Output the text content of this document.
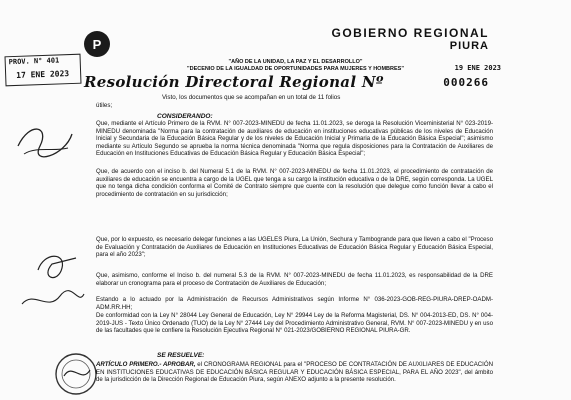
P
GOBIERNO REGIONAL
PIURA
PROV. N° 401
17 ENE 2023
"AÑO DE LA UNIDAD, LA PAZ Y EL DESARROLLO"
"DECENIO DE LA IGUALDAD DE OPORTUNIDADES PARA MUJERES Y HOMBRES"	19 ENE 2023
Resolución Directoral Regional Nº	000266
Visto, los documentos que se acompañan en un total de 11 folios
útiles;
CONSIDERANDO:
Que, mediante el Artículo Primero de la RVM. N° 007-2023-MINEDU de fecha 11.01.2023, se deroga la Resolución Viceministerial N° 023-2019-MINEDU denominada "Norma para la contratación de auxiliares de educación en instituciones educativas públicas de los niveles de Educación Inicial y Secundaria de la Educación Básica Regular y de los niveles de Educación Inicial y Primaria de la Educación Básica Especial"; asimismo mediante su Artículo Segundo se aprueba la norma técnica denominada "Norma que regula disposiciones para la Contratación de Auxiliares de Educación en Instituciones Educativas de Educación Básica Regular y Educación Básica Especial";
Que, de acuerdo con el inciso b. del Numeral 5.1 de la RVM. N° 007-2023-MINEDU de fecha 11.01.2023, el procedimiento de contratación de auxiliares de educación se encuentra a cargo de la UGEL que tenga a su cargo la institución educativa o de la DRE, según corresponda. La UGEL que no tenga dicha condición conforma el Comité de Contrato siempre que cuente con la resolución que delegue como función llevar a cabo el procedimiento de contratación en su jurisdicción;
Que, por lo expuesto, es necesario delegar funciones a las UGELES Piura, La Unión, Sechura y Tambogrande para que lleven a cabo el "Proceso de Evaluación y Contratación de Auxiliares de Educación en Instituciones Educativas de Educación Básica Regular y Educación Básica Especial, para el año 2023";
Que, asimismo, conforme el Inciso b. del numeral 5.3 de la RVM. N° 007-2023-MINEDU de fecha 11.01.2023, es responsabilidad de la DRE elaborar un cronograma para el proceso de Contratación de Auxiliares de Educación;
Estando a lo actuado por la Administración de Recursos Administrativos según Informe N° 036-2023-GOB-REG-PIURA-DREP-OADM-ADM.RR.HH;
De conformidad con la Ley N° 28044 Ley General de Educación, Ley N° 29944 Ley de la Reforma Magisterial, DS. N° 004-2013-ED, DS. N° 004-2019-JUS - Texto Único Ordenado (TUO) de la Ley N° 27444 Ley del Procedimiento Administrativo General, RVM. N° 007-2023-MINEDU y en uso de las facultades que le confiere la Resolución Ejecutiva Regional N° 021-2023/GOBIERNO REGIONAL PIURA-GR.
SE RESUELVE:
ARTÍCULO PRIMERO.- APROBAR, el CRONOGRAMA REGIONAL para el "PROCESO DE CONTRATACIÓN DE AUXILIARES DE EDUCACIÓN EN INSTITUCIONES EDUCATIVAS DE EDUCACIÓN BÁSICA REGULAR Y EDUCACIÓN BÁSICA ESPECIAL, PARA EL AÑO 2023", del ámbito de la jurisdicción de la Dirección Regional de Educación Piura, según ANEXO adjunto a la presente resolución.
